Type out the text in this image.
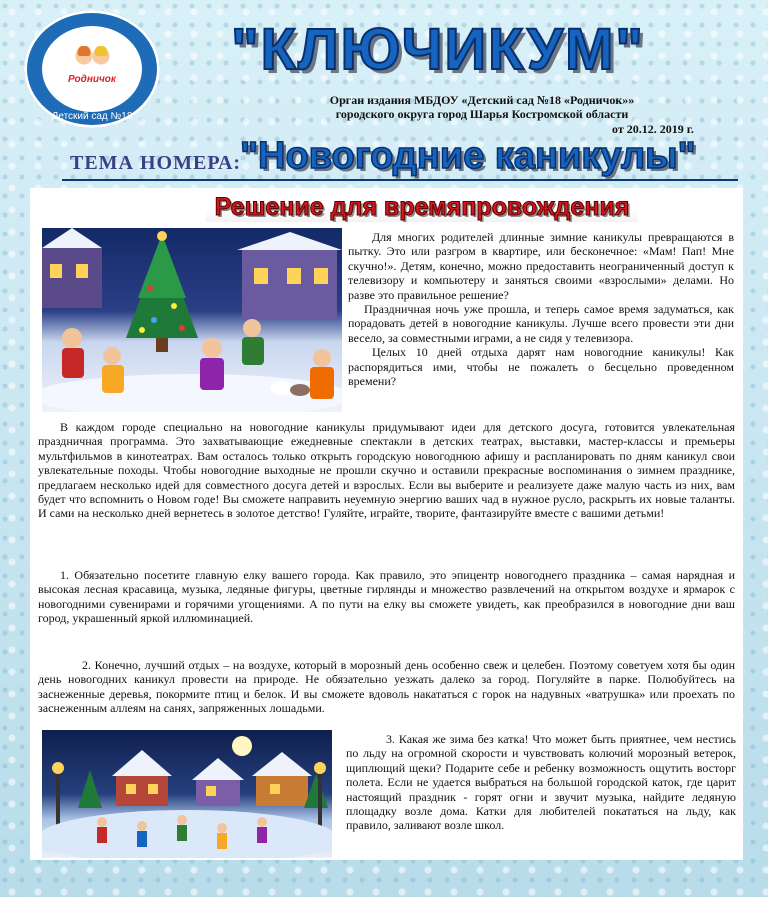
Родничок
Детский сад №18
"КЛЮЧИКУМ"
Орган издания МБДОУ «Детский сад №18 «Родничок»»
городского округа город Шарья Костромской области
от 20.12. 2019 г.
ТЕМА НОМЕРА:
"Новогодние каникулы"
Решение для времяпровождения
Для многих родителей длинные зимние каникулы превращаются в пытку. Это или разгром в квартире, или бесконечное: «Мам! Пап! Мне скучно!». Детям, конечно, можно предоставить неограниченный доступ к телевизору и компьютеру и заняться своими «взрослыми» делами. Но разве это правильное решение?
Праздничная ночь уже прошла, и теперь самое время задуматься, как порадовать детей в новогодние каникулы. Лучше всего провести эти дни весело, за совместными играми, а не сидя у телевизора.
Целых 10 дней отдыха дарят нам новогодние каникулы! Как распорядиться ими, чтобы не пожалеть о бесцельно проведенном времени?

В каждом городе специально на новогодние каникулы придумывают идеи для детского досуга, готовится увлекательная праздничная программа. Это захватывающие ежедневные спектакли в детских театрах, выставки, мастер-классы и премьеры мультфильмов в кинотеатрах. Вам осталось только открыть городскую новогоднюю афишу и распланировать по дням каникул свои увлекательные походы. Чтобы новогодние выходные не прошли скучно и оставили прекрасные воспоминания о зимнем празднике, предлагаем несколько идей для совместного досуга детей и взрослых. Если вы выберите и реализуете даже малую часть из них, вам будет что вспомнить о Новом годе! Вы сможете направить неуемную энергию ваших чад в нужное русло, раскрыть их новые таланты. И сами на несколько дней вернетесь в золотое детство! Гуляйте, играйте, творите, фантазируйте вместе с вашими детьми!

1. Обязательно посетите главную елку вашего города. Как правило, это эпицентр новогоднего праздника – самая нарядная и высокая лесная красавица, музыка, ледяные фигуры, цветные гирлянды и множество развлечений на открытом воздухе и ярмарок с новогодними сувенирами и горячими угощениями. А по пути на елку вы сможете увидеть, как преобразился в новогодние дни ваш город, украшенный яркой иллюминацией.

2. Конечно, лучший отдых – на воздухе, который в морозный день особенно свеж и целебен. Поэтому советуем хотя бы один день новогодних каникул провести на природе. Не обязательно уезжать далеко за город. Погуляйте в парке. Полюбуйтесь на заснеженные деревья, покормите птиц и белок. И вы сможете вдоволь накататься с горок на надувных «ватрушка» или проехать по заснеженным аллеям на санях, запряженных лошадьми.

3. Какая же зима без катка! Что может быть приятнее, чем нестись по льду на огромной скорости и чувствовать колючий морозный ветерок, щиплющий щеки? Подарите себе и ребенку возможность ощутить восторг полета. Если не удается выбраться на большой городской каток, где царит настоящий праздник - горят огни и звучит музыка, найдите ледяную площадку возле дома. Катки для любителей покататься на льду, как правило, заливают возле школ.
